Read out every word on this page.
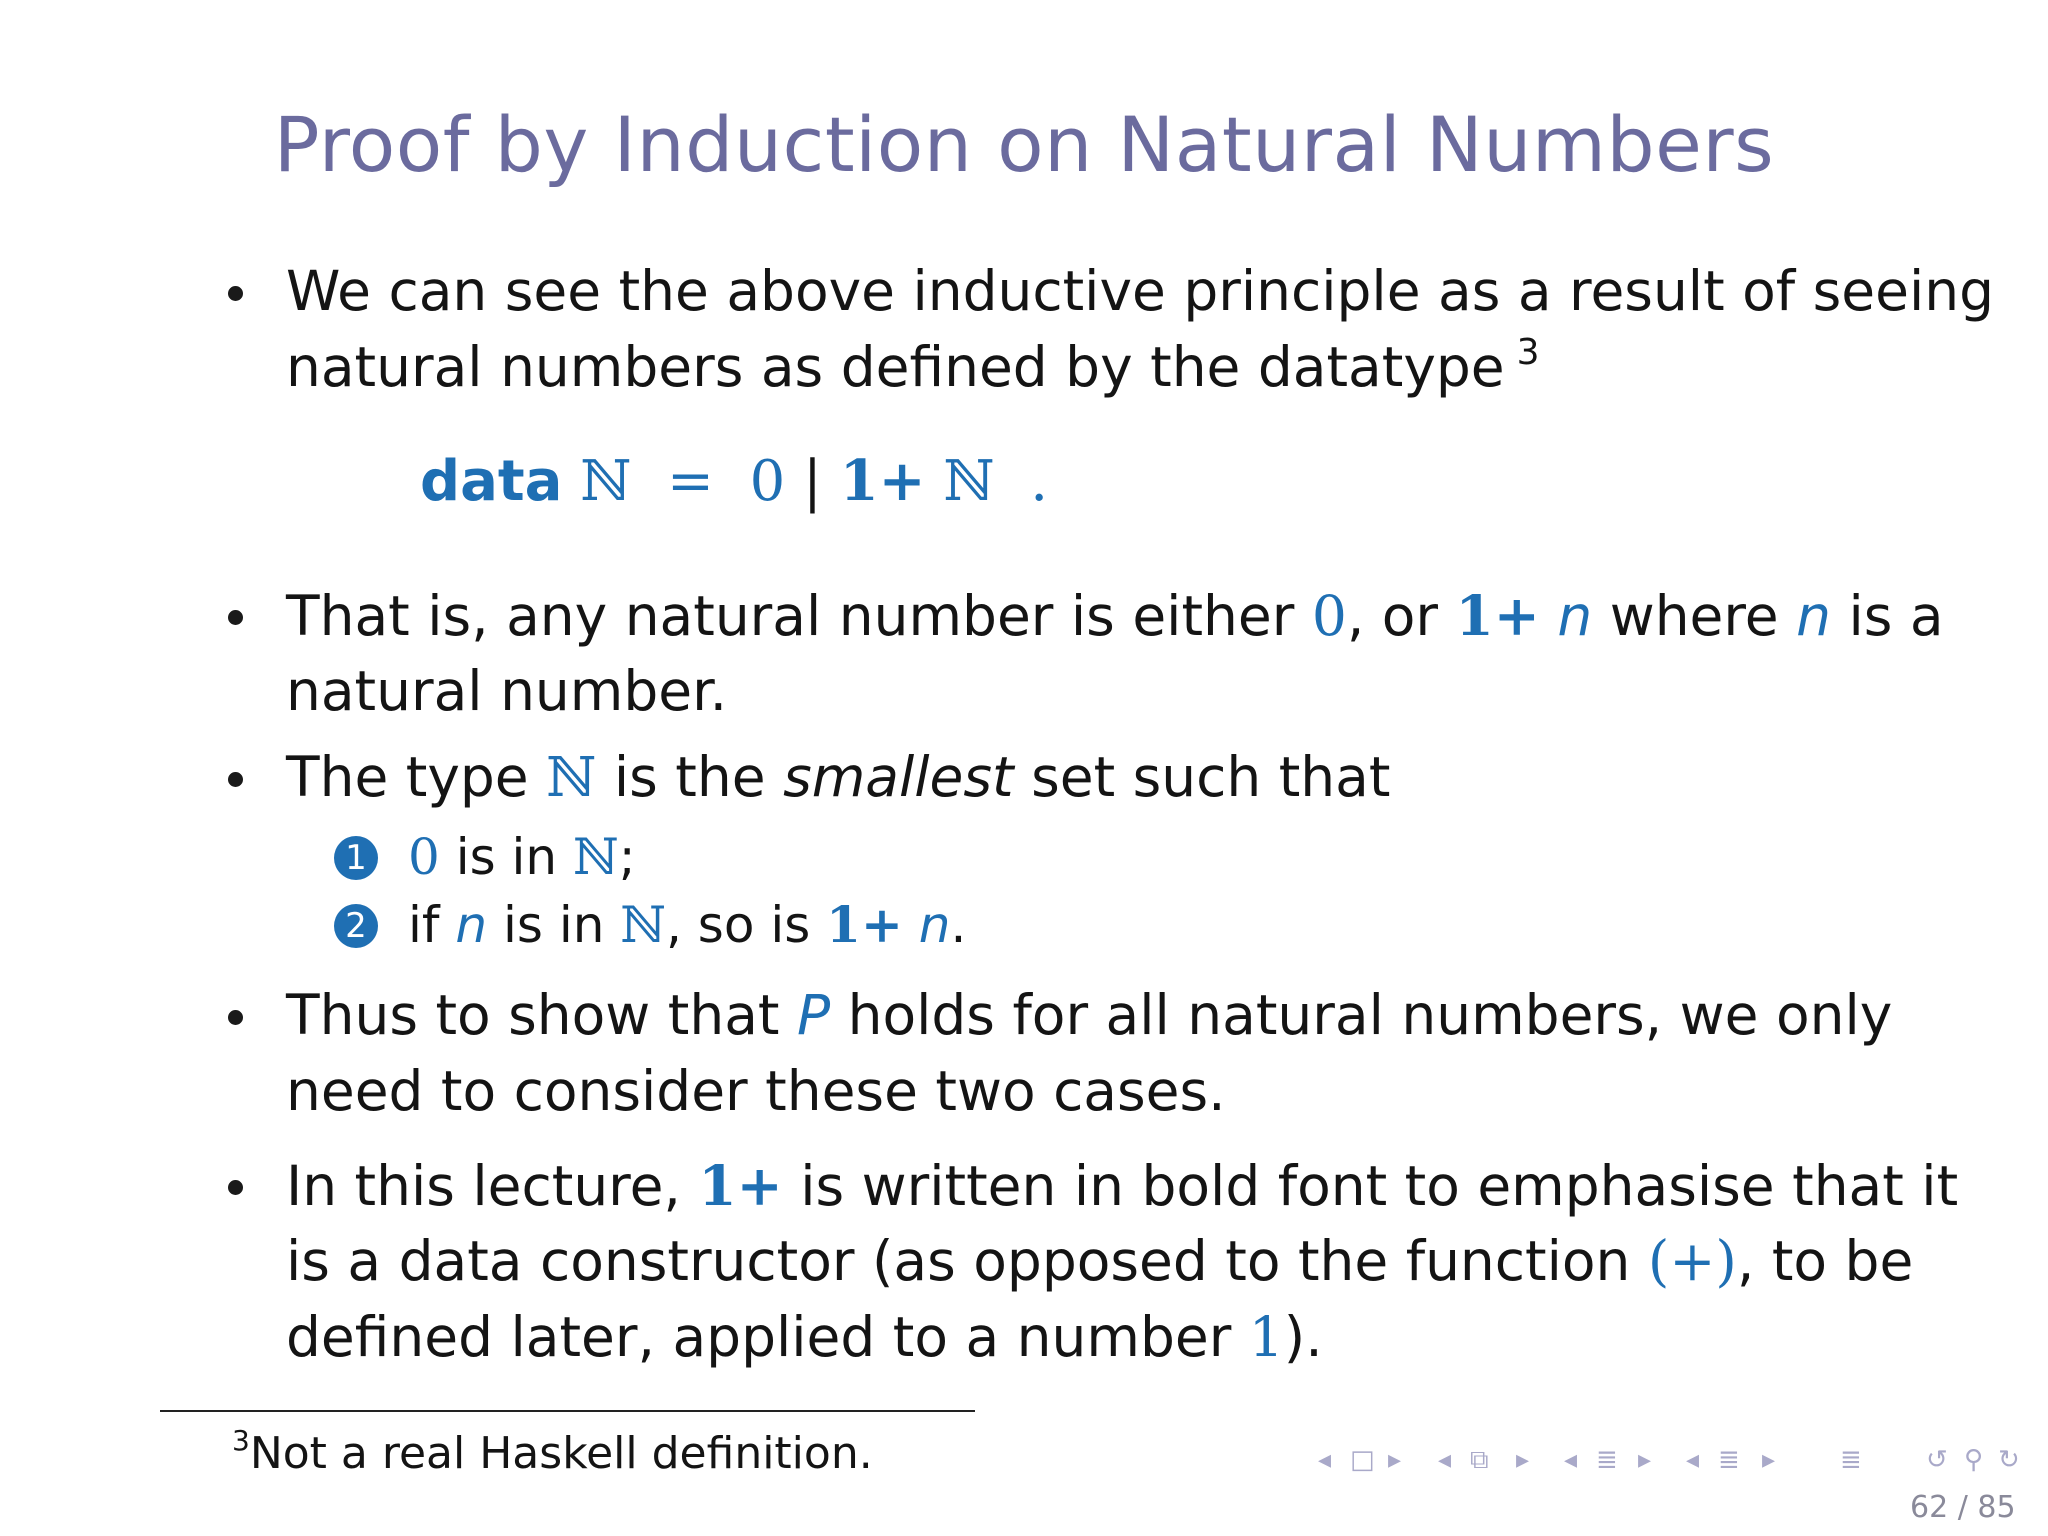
Proof by Induction on Natural Numbers
We can see the above inductive principle as a result of seeing
natural numbers as defined by the datatype $^3$
data ℕ = 0 | 1+ ℕ .
That is, any natural number is either 0, or 1+ n where n is a
natural number.
The type ℕ is the smallest set such that
1 0 is in ℕ;
2 if n is in ℕ, so is 1+ n.
Thus to show that P holds for all natural numbers, we only
need to consider these two cases.
In this lecture, 1+ is written in bold font to emphasise that it
is a data constructor (as opposed to the function (+), to be
defined later, applied to a number 1).
$^3$Not a real Haskell definition.	◂ □ ▸ ◂ ⧉ ▸ ◂ ≣ ▸ ◂ ≣ ▸ ≣ ↺ ⚲ ↻
62 / 85
